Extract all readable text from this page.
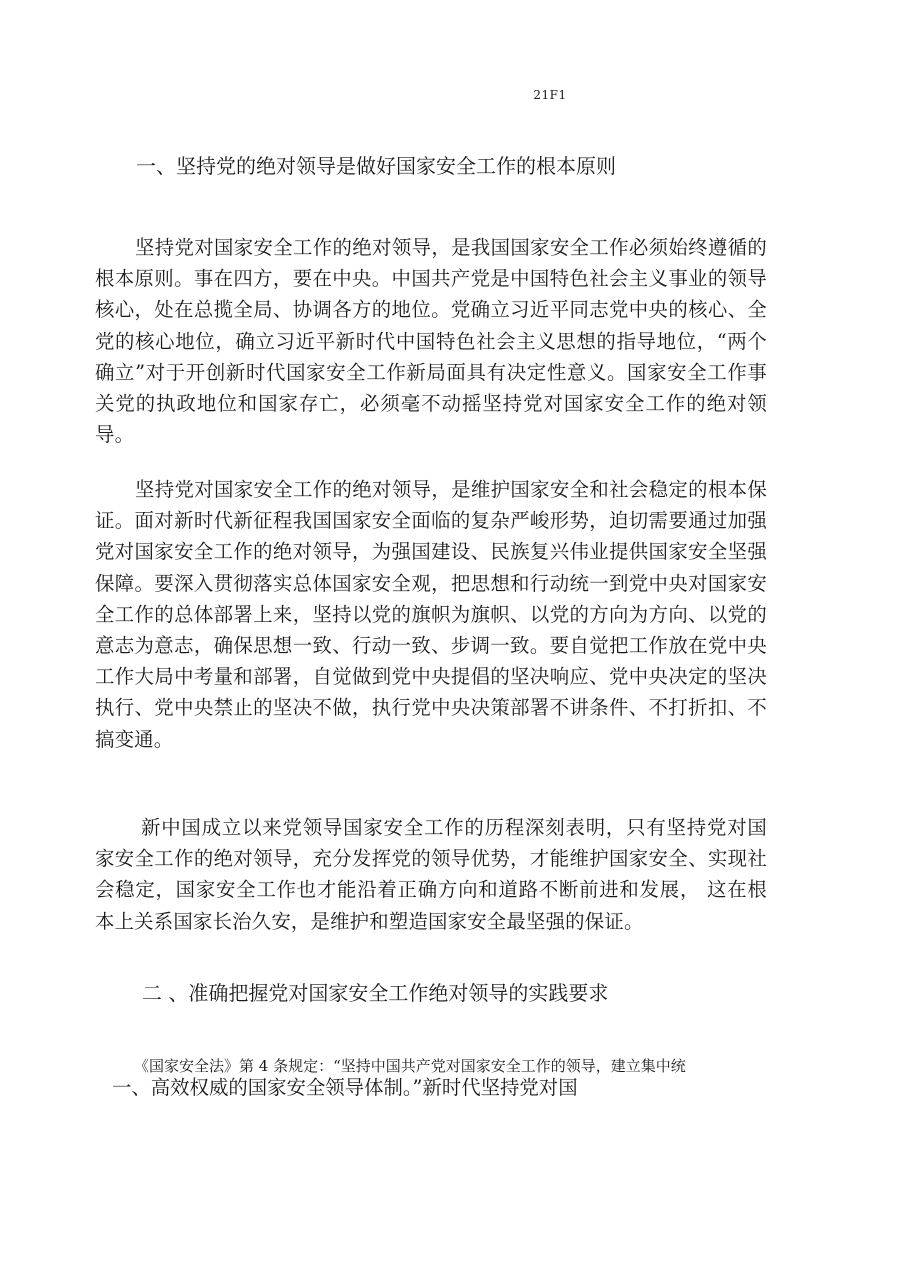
21F1
一、坚持党的绝对领导是做好国家安全工作的根本原则

坚持党对国家安全工作的绝对领导，是我国国家安全工作必须始终遵循的根本原则。事在四方，要在中央。中国共产党是中国特色社会主义事业的领导核心，处在总揽全局、协调各方的地位。党确立习近平同志党中央的核心、全党的核心地位，确立习近平新时代中国特色社会主义思想的指导地位，“两个确立”对于开创新时代国家安全工作新局面具有决定性意义。国家安全工作事关党的执政地位和国家存亡，必须毫不动摇坚持党对国家安全工作的绝对领导。

坚持党对国家安全工作的绝对领导，是维护国家安全和社会稳定的根本保证。面对新时代新征程我国国家安全面临的复杂严峻形势，迫切需要通过加强党对国家安全工作的绝对领导，为强国建设、民族复兴伟业提供国家安全坚强保障。要深入贯彻落实总体国家安全观，把思想和行动统一到党中央对国家安全工作的总体部署上来，坚持以党的旗帜为旗帜、以党的方向为方向、以党的意志为意志，确保思想一致、行动一致、步调一致。要自觉把工作放在党中央工作大局中考量和部署，自觉做到党中央提倡的坚决响应、党中央决定的坚决执行、党中央禁止的坚决不做，执行党中央决策部署不讲条件、不打折扣、不搞变通。

新中国成立以来党领导国家安全工作的历程深刻表明，只有坚持党对国家安全工作的绝对领导，充分发挥党的领导优势，才能维护国家安全、实现社会稳定，国家安全工作也才能沿着正确方向和道路不断前进和发展， 这在根本上关系国家长治久安，是维护和塑造国家安全最坚强的保证。

二 、准确把握党对国家安全工作绝对领导的实践要求
《国家安全法》第 4 条规定：“坚持中国共产党对国家安全工作的领导，建立集中统
一、高效权威的国家安全领导体制。”新时代坚持党对国
